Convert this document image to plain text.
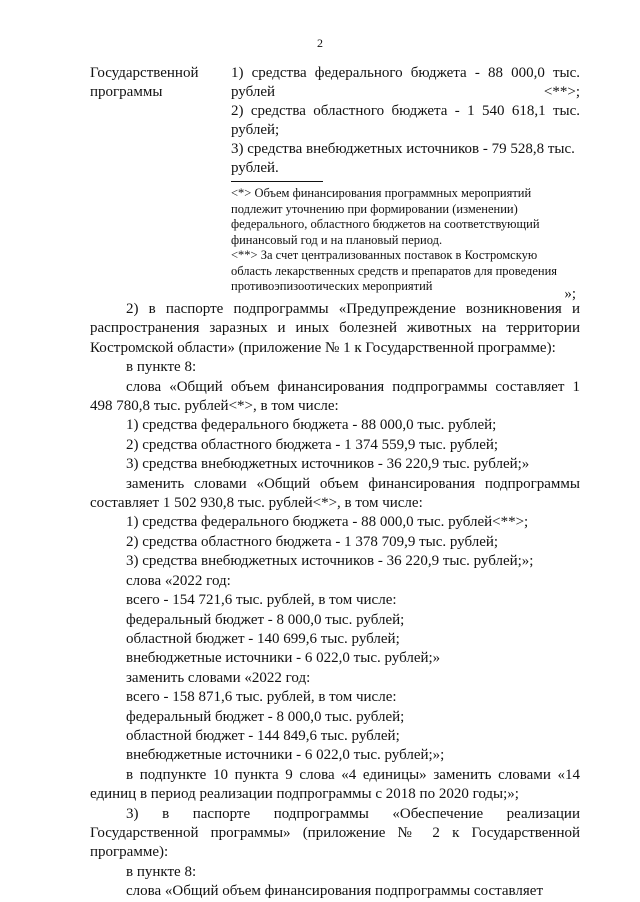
2
Государственной программы
1) средства федерального бюджета - 88 000,0 тыс. рублей <**>;
2) средства областного бюджета - 1 540 618,1 тыс. рублей;
3) средства внебюджетных источников - 79 528,8 тыс. рублей.
<*> Объем финансирования программных мероприятий подлежит уточнению при формировании (изменении) федерального, областного бюджетов на соответствующий финансовый год и на плановый период.
<**> За счет централизованных поставок в Костромскую область лекарственных средств и препаратов для проведения противоэпизоотических мероприятий	»;

2) в паспорте подпрограммы «Предупреждение возникновения и распространения заразных и иных болезней животных на территории Костромской области» (приложение № 1 к Государственной программе):

в пункте 8:

слова «Общий объем финансирования подпрограммы составляет 1 498 780,8 тыс. рублей<*>, в том числе:

1) средства федерального бюджета - 88 000,0 тыс. рублей;

2) средства областного бюджета - 1 374 559,9 тыс. рублей;

3) средства внебюджетных источников - 36 220,9 тыс. рублей;»

заменить словами «Общий объем финансирования подпрограммы составляет 1 502 930,8 тыс. рублей<*>, в том числе:

1) средства федерального бюджета - 88 000,0 тыс. рублей<**>;

2) средства областного бюджета - 1 378 709,9 тыс. рублей;

3) средства внебюджетных источников - 36 220,9 тыс. рублей;»;

слова «2022 год:

всего - 154 721,6 тыс. рублей, в том числе:

федеральный бюджет - 8 000,0 тыс. рублей;

областной бюджет - 140 699,6 тыс. рублей;

внебюджетные источники - 6 022,0 тыс. рублей;»

заменить словами «2022 год:

всего - 158 871,6 тыс. рублей, в том числе:

федеральный бюджет - 8 000,0 тыс. рублей;

областной бюджет - 144 849,6 тыс. рублей;

внебюджетные источники - 6 022,0 тыс. рублей;»;

в подпункте 10 пункта 9 слова «4 единицы» заменить словами «14 единиц в период реализации подпрограммы с 2018 по 2020 годы;»;

3) в паспорте подпрограммы «Обеспечение реализации Государственной программы» (приложение № 2 к Государственной программе):

в пункте 8:

слова «Общий объем финансирования подпрограммы составляет
